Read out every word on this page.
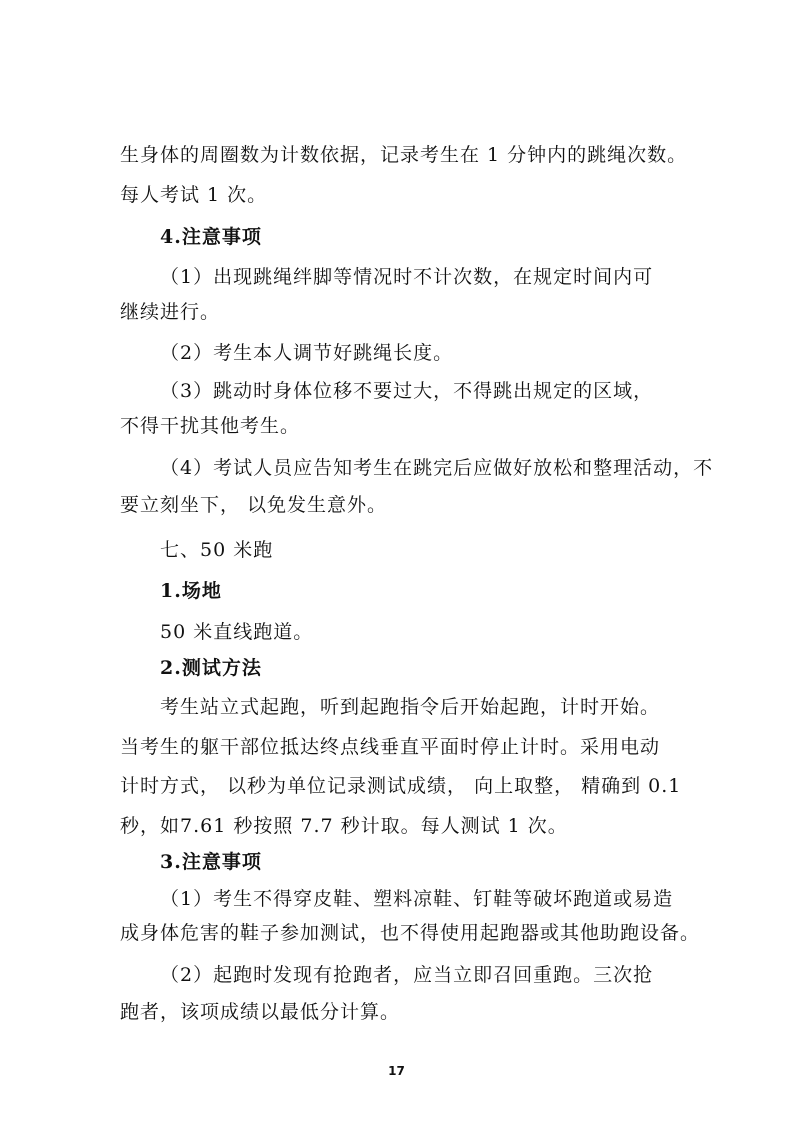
生身体的周圈数为计数依据，记录考生在 1 分钟内的跳绳次数。

每人考试 1 次。

4.注意事项

（1）出现跳绳绊脚等情况时不计次数，在规定时间内可

继续进行。

（2）考生本人调节好跳绳长度。

（3）跳动时身体位移不要过大，不得跳出规定的区域，

不得干扰其他考生。

（4）考试人员应告知考生在跳完后应做好放松和整理活动，不

要立刻坐下， 以免发生意外。

七、50 米跑

1.场地

50 米直线跑道。

2.测试方法

考生站立式起跑，听到起跑指令后开始起跑，计时开始。

当考生的躯干部位抵达终点线垂直平面时停止计时。采用电动

计时方式， 以秒为单位记录测试成绩， 向上取整， 精确到 0.1

秒，如7.61 秒按照 7.7 秒计取。每人测试 1 次。

3.注意事项

（1）考生不得穿皮鞋、塑料凉鞋、钉鞋等破坏跑道或易造

成身体危害的鞋子参加测试，也不得使用起跑器或其他助跑设备。

（2）起跑时发现有抢跑者，应当立即召回重跑。三次抢

跑者，该项成绩以最低分计算。

17
